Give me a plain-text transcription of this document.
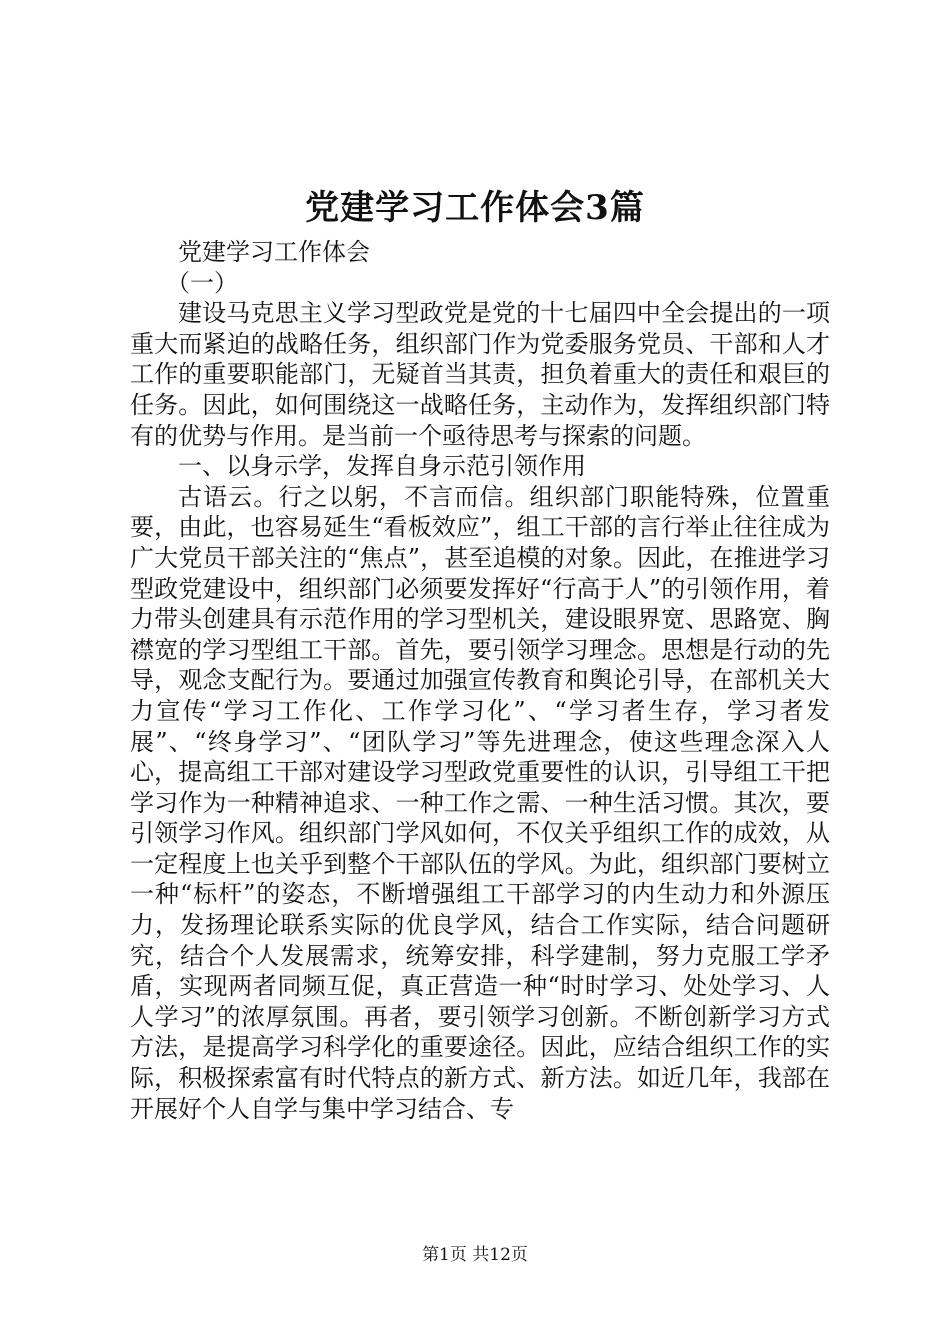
党建学习工作体会3篇

党建学习工作体会

（一）

建设马克思主义学习型政党是党的十七届四中全会提出的一项重大而紧迫的战略任务，组织部门作为党委服务党员、干部和人才工作的重要职能部门，无疑首当其责，担负着重大的责任和艰巨的任务。因此，如何围绕这一战略任务，主动作为，发挥组织部门特有的优势与作用。是当前一个亟待思考与探索的问题。

一、以身示学，发挥自身示范引领作用

古语云。行之以躬，不言而信。组织部门职能特殊，位置重要，由此，也容易延生“看板效应”，组工干部的言行举止往往成为广大党员干部关注的“焦点”，甚至追模的对象。因此，在推进学习型政党建设中，组织部门必须要发挥好“行高于人”的引领作用，着力带头创建具有示范作用的学习型机关，建设眼界宽、思路宽、胸襟宽的学习型组工干部。首先，要引领学习理念。思想是行动的先导，观念支配行为。要通过加强宣传教育和舆论引导，在部机关大力宣传“学习工作化、工作学习化”、“学习者生存，学习者发展”、“终身学习”、“团队学习”等先进理念，使这些理念深入人心，提高组工干部对建设学习型政党重要性的认识，引导组工干把学习作为一种精神追求、一种工作之需、一种生活习惯。其次，要引领学习作风。组织部门学风如何，不仅关乎组织工作的成效，从一定程度上也关乎到整个干部队伍的学风。为此，组织部门要树立一种“标杆”的姿态，不断增强组工干部学习的内生动力和外源压力，发扬理论联系实际的优良学风，结合工作实际，结合问题研究，结合个人发展需求，统筹安排，科学建制，努力克服工学矛盾，实现两者同频互促，真正营造一种“时时学习、处处学习、人人学习”的浓厚氛围。再者，要引领学习创新。不断创新学习方式方法，是提高学习科学化的重要途径。因此，应结合组织工作的实际，积极探索富有时代特点的新方式、新方法。如近几年，我部在开展好个人自学与集中学习结合、专

第1页 共12页
